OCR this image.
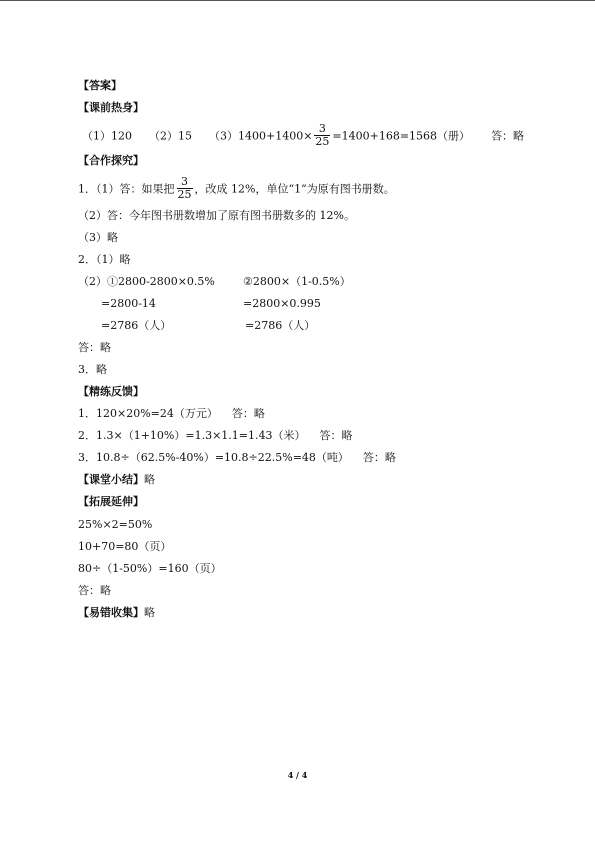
【答案】
【课前热身】
（1）120 （2）15 $(3)1400+1400\times \frac{3}{25} =1400+168=1568$（册） 答：略
【合作探究】
1．（1）答：如果把 $\frac{3}{25}$ ，改成 12%，单位“1”为原有图书册数。
（2）答：今年图书册数增加了原有图书册数多的 12%。
（3）略
2．（1）略
（2）①2800-2800×0.5%	②2800×（1-0.5%）
=2800-14	=2800×0.995
=2786（人）	=2786（人）
答：略
3．略
【精练反馈】
1．120×20%=24（万元） 答：略
2．1.3×（1+10%）=1.3×1.1=1.43（米） 答：略
3．10.8÷（62.5%-40%）=10.8÷22.5%=48（吨） 答：略
【课堂小结】略
【拓展延伸】
25%×2=50%
10+70=80（页）
80÷（1-50%）=160（页）
答：略
【易错收集】略
4 / 4
